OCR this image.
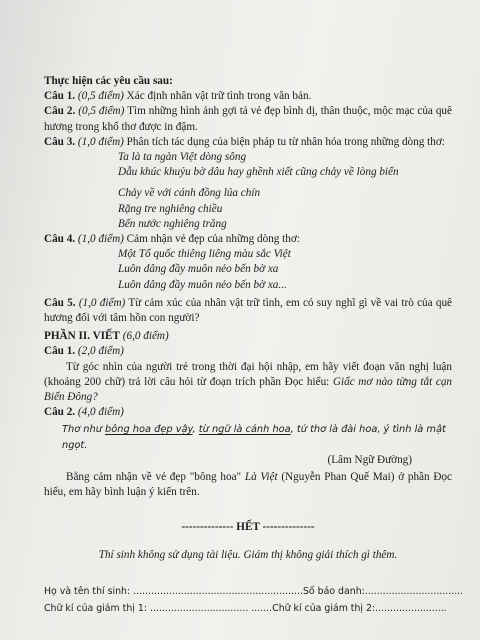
Thực hiện các yêu cầu sau:

Câu 1. (0,5 điểm) Xác định nhân vật trữ tình trong văn bản.

Câu 2. (0,5 điểm) Tìm những hình ảnh gợi tả vẻ đẹp bình dị, thân thuộc, mộc mạc của quê hương trong khổ thơ được in đậm.

Câu 3. (1,0 điểm) Phân tích tác dụng của biện pháp tu từ nhân hóa trong những dòng thơ:

Ta là ta ngàn Việt dòng sông

Dẫu khúc khuỷu bờ dâu hay ghềnh xiết cũng chảy về lòng biển

Chảy về với cánh đồng lúa chín

Rặng tre nghiêng chiều

Bến nước nghiêng trăng

Câu 4. (1,0 điểm) Cảm nhận vẻ đẹp của những dòng thơ:

Một Tổ quốc thiêng liêng màu sắc Việt

Luôn dâng đầy muôn nẻo bến bờ xa

Luôn dâng đầy muôn nẻo bến bờ xa...

Câu 5. (1,0 điểm) Từ cảm xúc của nhân vật trữ tình, em có suy nghĩ gì về vai trò của quê hương đối với tâm hồn con người?

PHẦN II. VIẾT (6,0 điểm)

Câu 1. (2,0 điểm)

Từ góc nhìn của người trẻ trong thời đại hội nhập, em hãy viết đoạn văn nghị luận (khoảng 200 chữ) trả lời câu hỏi từ đoạn trích phần Đọc hiểu: Giấc mơ nào từng tắt cạn Biển Đông?

Câu 2. (4,0 điểm)

Thơ như bông hoa đẹp vậy, từ ngữ là cánh hoa, tứ thơ là đài hoa, ý tình là mật ngọt.

(Lâm Ngữ Đường)

Bằng cảm nhận về vẻ đẹp "bông hoa" Là Việt (Nguyễn Phan Quế Mai) ở phần Đọc hiểu, em hãy bình luận ý kiến trên.

-------------- HẾT --------------

Thí sinh không sử dụng tài liệu. Giám thị không giải thích gì thêm.

Họ và tên thí sinh: .........................................................Số báo danh:.................................
Chữ kí của giám thị 1: ................................. .......Chữ kí của giám thị 2:........................
